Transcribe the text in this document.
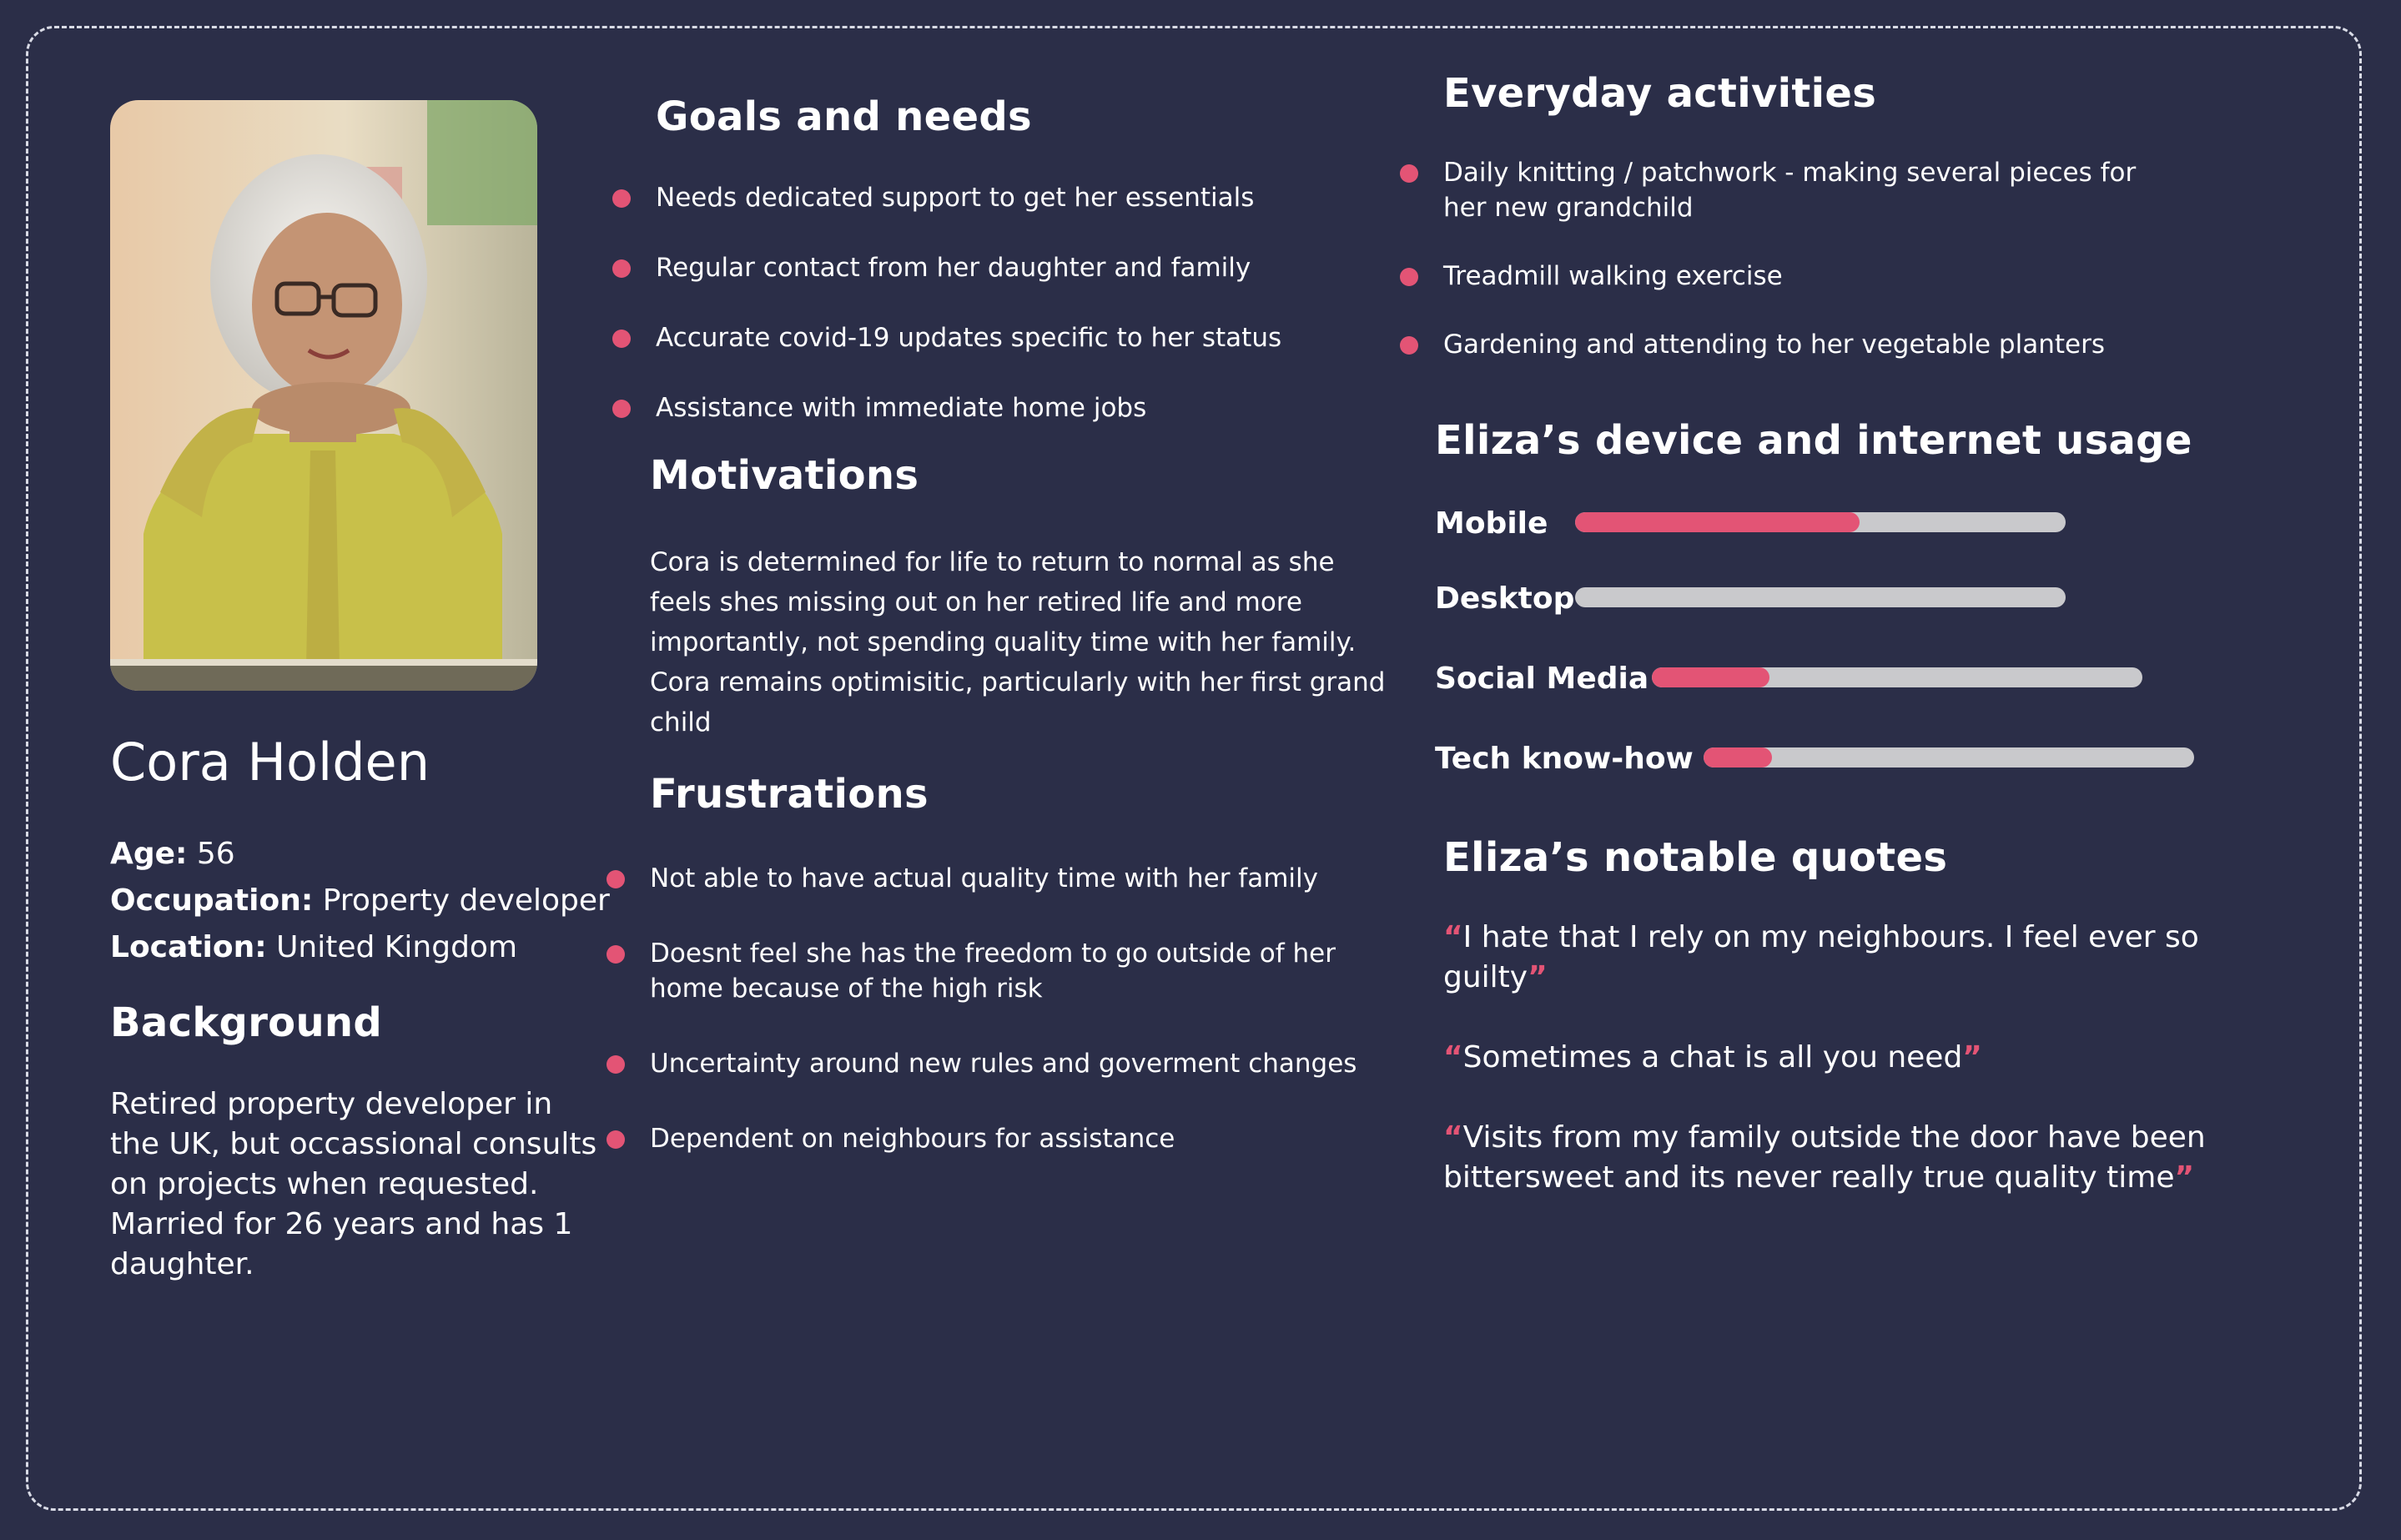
Cora Holden
Age: 56
Occupation: Property developer
Location: United Kingdom
Background
Retired property developer in the UK, but occassional consults on projects when requested. Married for 26 years and has 1 daughter.
Goals and needs
Needs dedicated support to get her essentials
Regular contact from her daughter and family
Accurate covid-19 updates specific to her status
Assistance with immediate home jobs
Motivations
Cora is determined for life to return to normal as she feels shes missing out on her retired life and more importantly, not spending quality time with her family. Cora remains optimisitic, particularly with her first grand child
Frustrations
Not able to have actual quality time with her family
Doesnt feel she has the freedom to go outside of her home because of the high risk
Uncertainty around new rules and goverment changes
Dependent on neighbours for assistance
Everyday activities
Daily knitting / patchwork - making several pieces for her new grandchild
Treadmill walking exercise
Gardening and attending to her vegetable planters
Eliza’s device and internet usage
Mobile
Desktop
Social Media
Tech know-how
Eliza’s notable quotes

“I hate that I rely on my neighbours. I feel ever so guilty”

“Sometimes a chat is all you need”

“Visits from my family outside the door have been bittersweet and its never really true quality time”
